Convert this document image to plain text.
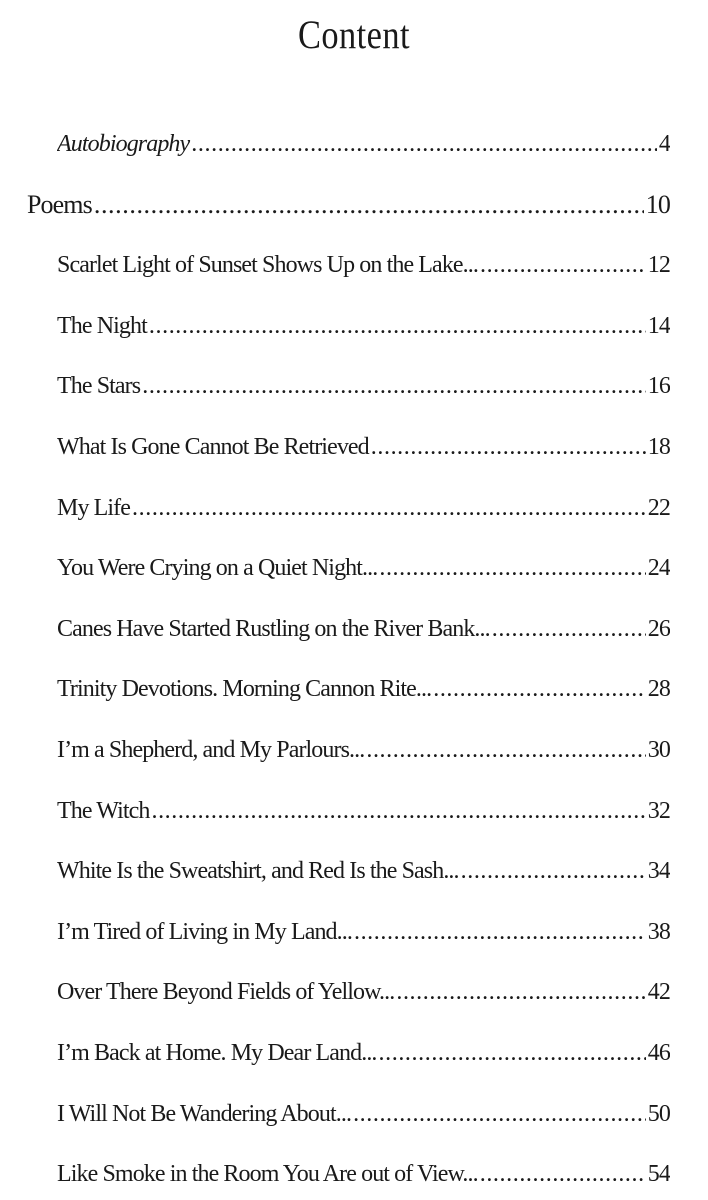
Content
Autobiography .....	4
Poems .....	10
Scarlet Light of Sunset Shows Up on the Lake... .....	12
The Night .....	14
The Stars .....	16
What Is Gone Cannot Be Retrieved .....	18
My Life .....	22
You Were Crying on a Quiet Night... .....	24
Canes Have Started Rustling on the River Bank... .....	26
Trinity Devotions. Morning Cannon Rite... .....	28
I’m a Shepherd, and My Parlours... .....	30
The Witch .....	32
White Is the Sweatshirt, and Red Is the Sash... .....	34
I’m Tired of Living in My Land... .....	38
Over There Beyond Fields of Yellow... .....	42
I’m Back at Home. My Dear Land... .....	46
I Will Not Be Wandering About... .....	50
Like Smoke in the Room You Are out of View... .....	54
